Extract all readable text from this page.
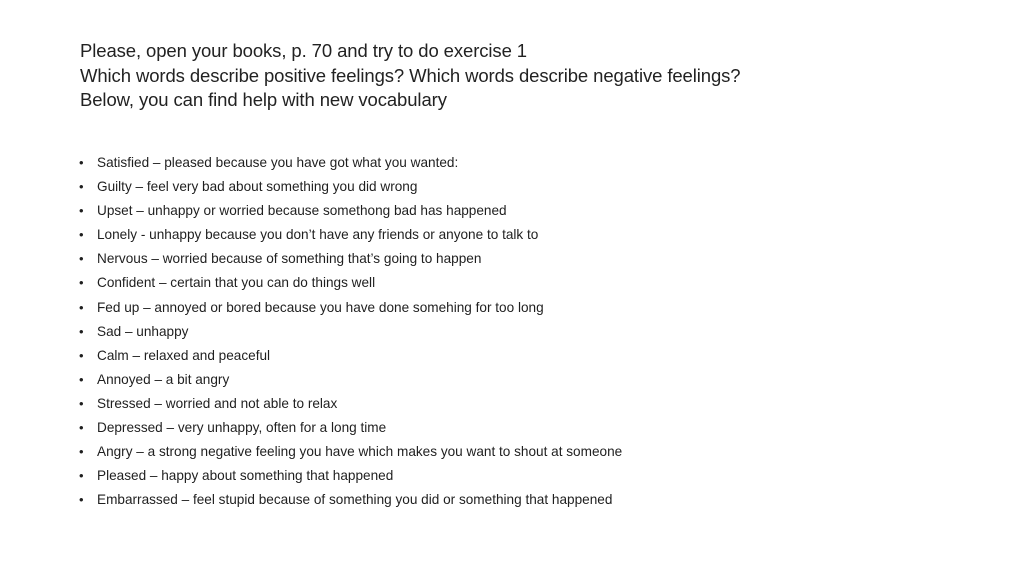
Please, open your books, p. 70 and try to do exercise 1
Which words describe positive feelings? Which words describe negative feelings?
Below, you can find help with new vocabulary
• Satisfied – pleased because you have got what you wanted:
• Guilty – feel very bad about something you did wrong
• Upset – unhappy or worried because somethong bad has happened
• Lonely - unhappy because you don’t have any friends or anyone to talk to
• Nervous – worried because of something that’s going to happen
• Confident – certain that you can do things well
• Fed up – annoyed or bored because you have done somehing for too long
• Sad – unhappy
• Calm – relaxed and peaceful
• Annoyed – a bit angry
• Stressed – worried and not able to relax
• Depressed – very unhappy, often for a long time
• Angry – a strong negative feeling you have which makes you want to shout at someone
• Pleased – happy about something that happened
• Embarrassed – feel stupid because of something you did or something that happened
